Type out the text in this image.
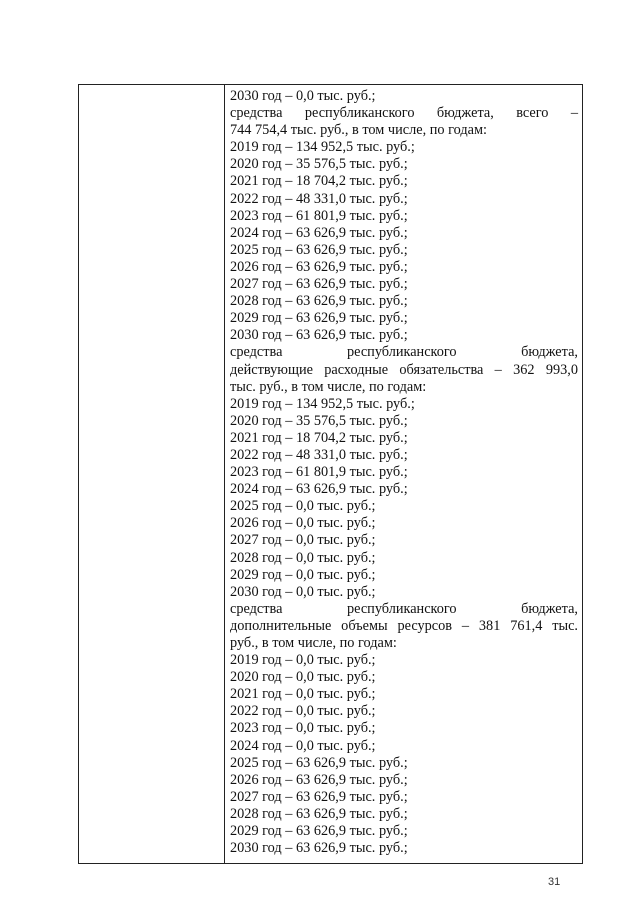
2030 год – 0,0 тыс. руб.;
средства республиканского бюджета, всего –
744 754,4 тыс. руб., в том числе, по годам:
2019 год – 134 952,5 тыс. руб.;
2020 год – 35 576,5 тыс. руб.;
2021 год – 18 704,2 тыс. руб.;
2022 год – 48 331,0 тыс. руб.;
2023 год – 61 801,9 тыс. руб.;
2024 год – 63 626,9 тыс. руб.;
2025 год – 63 626,9 тыс. руб.;
2026 год – 63 626,9 тыс. руб.;
2027 год – 63 626,9 тыс. руб.;
2028 год – 63 626,9 тыс. руб.;
2029 год – 63 626,9 тыс. руб.;
2030 год – 63 626,9 тыс. руб.;
средства республиканского бюджета,
действующие расходные обязательства – 362 993,0
тыс. руб., в том числе, по годам:
2019 год – 134 952,5 тыс. руб.;
2020 год – 35 576,5 тыс. руб.;
2021 год – 18 704,2 тыс. руб.;
2022 год – 48 331,0 тыс. руб.;
2023 год – 61 801,9 тыс. руб.;
2024 год – 63 626,9 тыс. руб.;
2025 год – 0,0 тыс. руб.;
2026 год – 0,0 тыс. руб.;
2027 год – 0,0 тыс. руб.;
2028 год – 0,0 тыс. руб.;
2029 год – 0,0 тыс. руб.;
2030 год – 0,0 тыс. руб.;
средства республиканского бюджета,
дополнительные объемы ресурсов – 381 761,4 тыс.
руб., в том числе, по годам:
2019 год – 0,0 тыс. руб.;
2020 год – 0,0 тыс. руб.;
2021 год – 0,0 тыс. руб.;
2022 год – 0,0 тыс. руб.;
2023 год – 0,0 тыс. руб.;
2024 год – 0,0 тыс. руб.;
2025 год – 63 626,9 тыс. руб.;
2026 год – 63 626,9 тыс. руб.;
2027 год – 63 626,9 тыс. руб.;
2028 год – 63 626,9 тыс. руб.;
2029 год – 63 626,9 тыс. руб.;
2030 год – 63 626,9 тыс. руб.;
31
